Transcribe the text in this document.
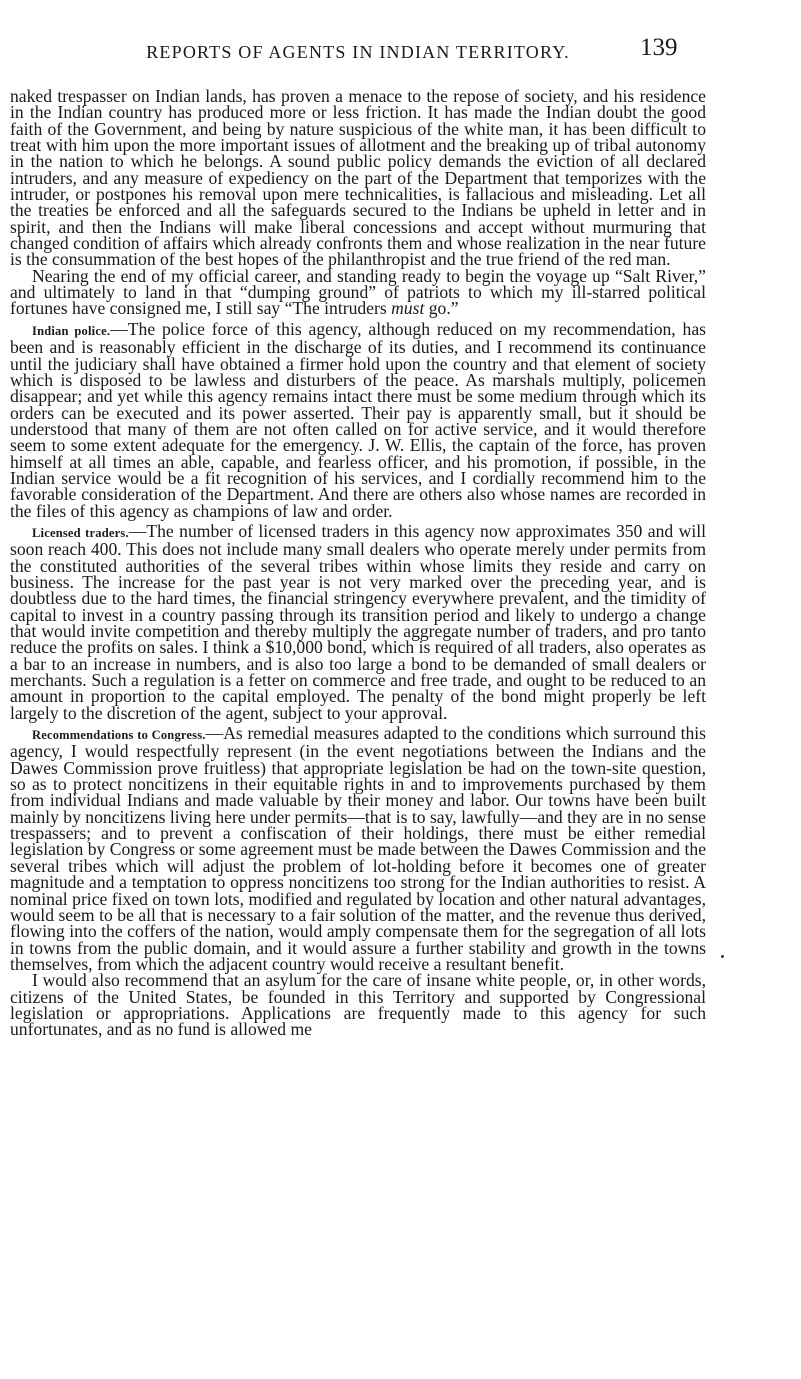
REPORTS OF AGENTS IN INDIAN TERRITORY.	139

naked trespasser on Indian lands, has proven a menace to the repose of society, and his residence in the Indian country has produced more or less friction. It has made the Indian doubt the good faith of the Government, and being by nature suspicious of the white man, it has been difficult to treat with him upon the more important issues of allotment and the breaking up of tribal autonomy in the nation to which he belongs. A sound public policy demands the eviction of all declared intruders, and any measure of expediency on the part of the Department that temporizes with the intruder, or postpones his removal upon mere technicalities, is fallacious and misleading. Let all the treaties be enforced and all the safeguards secured to the Indians be upheld in letter and in spirit, and then the Indians will make liberal concessions and accept without murmuring that changed condition of affairs which already confronts them and whose realization in the near future is the consummation of the best hopes of the philanthropist and the true friend of the red man.

Nearing the end of my official career, and standing ready to begin the voyage up “Salt River,” and ultimately to land in that “dumping ground” of patriots to which my ill-starred political fortunes have consigned me, I still say “The intruders must go.”

Indian police.—The police force of this agency, although reduced on my recommendation, has been and is reasonably efficient in the discharge of its duties, and I recommend its continuance until the judiciary shall have obtained a firmer hold upon the country and that element of society which is disposed to be lawless and disturbers of the peace. As marshals multiply, policemen disappear; and yet while this agency remains intact there must be some medium through which its orders can be executed and its power asserted. Their pay is apparently small, but it should be understood that many of them are not often called on for active service, and it would therefore seem to some extent adequate for the emergency. J. W. Ellis, the captain of the force, has proven himself at all times an able, capable, and fearless officer, and his promotion, if possible, in the Indian service would be a fit recognition of his services, and I cordially recommend him to the favorable consideration of the Department. And there are others also whose names are recorded in the files of this agency as champions of law and order.

Licensed traders.—The number of licensed traders in this agency now approximates 350 and will soon reach 400. This does not include many small dealers who operate merely under permits from the constituted authorities of the several tribes within whose limits they reside and carry on business. The increase for the past year is not very marked over the preceding year, and is doubtless due to the hard times, the financial stringency everywhere prevalent, and the timidity of capital to invest in a country passing through its transition period and likely to undergo a change that would invite competition and thereby multiply the aggregate number of traders, and pro tanto reduce the profits on sales. I think a $10,000 bond, which is required of all traders, also operates as a bar to an increase in numbers, and is also too large a bond to be demanded of small dealers or merchants. Such a regulation is a fetter on commerce and free trade, and ought to be reduced to an amount in proportion to the capital employed. The penalty of the bond might properly be left largely to the discretion of the agent, subject to your approval.

Recommendations to Congress.—As remedial measures adapted to the conditions which surround this agency, I would respectfully represent (in the event negotiations between the Indians and the Dawes Commission prove fruitless) that appropriate legislation be had on the town-site question, so as to protect noncitizens in their equitable rights in and to improvements purchased by them from individual Indians and made valuable by their money and labor. Our towns have been built mainly by noncitizens living here under permits—that is to say, lawfully—and they are in no sense trespassers; and to prevent a confiscation of their holdings, there must be either remedial legislation by Congress or some agreement must be made between the Dawes Commission and the several tribes which will adjust the problem of lot-holding before it becomes one of greater magnitude and a temptation to oppress noncitizens too strong for the Indian authorities to resist. A nominal price fixed on town lots, modified and regulated by location and other natural advantages, would seem to be all that is necessary to a fair solution of the matter, and the revenue thus derived, flowing into the coffers of the nation, would amply compensate them for the segregation of all lots in towns from the public domain, and it would assure a further stability and growth in the towns themselves, from which the adjacent country would receive a resultant benefit.

I would also recommend that an asylum for the care of insane white people, or, in other words, citizens of the United States, be founded in this Territory and supported by Congressional legislation or appropriations. Applications are frequently made to this agency for such unfortunates, and as no fund is allowed me
